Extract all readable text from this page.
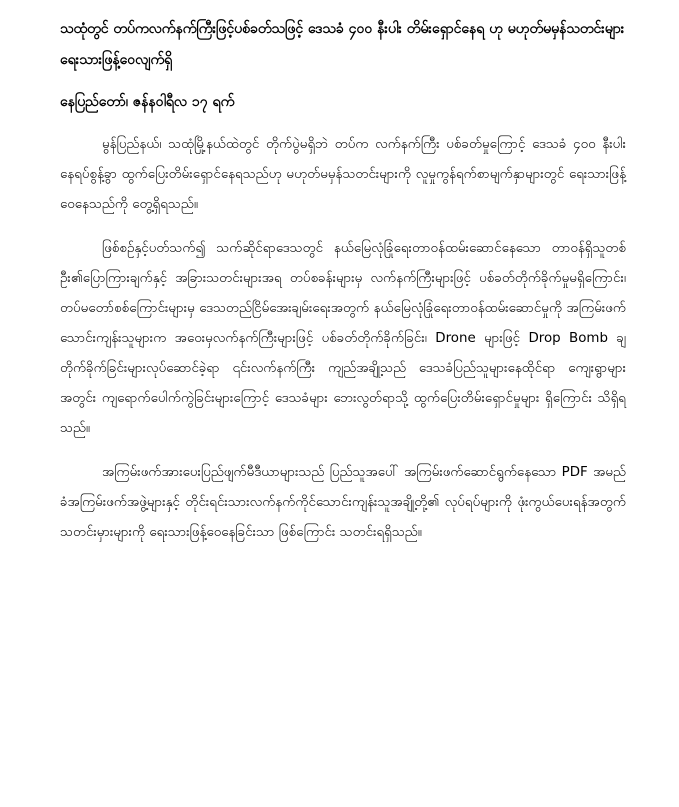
သထုံတွင် တပ်ကလက်နက်ကြီးဖြင့်ပစ်ခတ်သဖြင့် ဒေသခံ ၄၀၀ နီးပါး တိမ်းရှောင်နေရ ဟု မဟုတ်မမှန်သတင်းများ ရေးသားဖြန့်ဝေလျက်ရှိ

နေပြည်တော်၊ ဇန်နဝါရီလ ၁၇ ရက်

မွန်ပြည်နယ်၊ သထုံမြို့နယ်ထဲတွင် တိုက်ပွဲမရှိဘဲ တပ်က လက်နက်ကြီး ပစ်ခတ်မှုကြောင့် ဒေသခံ ၄၀၀ နီးပါး နေရပ်စွန့်ခွာ ထွက်ပြေးတိမ်းရှောင်နေရသည်ဟု မဟုတ်မမှန်သတင်းများကို လူမှုကွန်ရက်စာမျက်နှာများတွင် ရေးသားဖြန့်ဝေနေသည်ကို တွေ့ရှိရသည်။

ဖြစ်စဉ်နှင့်ပတ်သက်၍ သက်ဆိုင်ရာဒေသတွင် နယ်မြေလုံခြုံရေးတာဝန်ထမ်းဆောင်နေသော တာဝန်ရှိသူတစ်ဦး၏ပြောကြားချက်နှင့် အခြားသတင်းများအရ တပ်စခန်းများမှ လက်နက်ကြီးများဖြင့် ပစ်ခတ်တိုက်ခိုက်မှုမရှိကြောင်း၊ တပ်မတော်စစ်ကြောင်းများမှ ဒေသတည်ငြိမ်အေးချမ်းရေးအတွက် နယ်မြေလုံခြုံရေးတာဝန်ထမ်းဆောင်မှုကို အကြမ်းဖက် သောင်းကျန်းသူများက အဝေးမှလက်နက်ကြီးများဖြင့် ပစ်ခတ်တိုက်ခိုက်ခြင်း၊ Drone များဖြင့် Drop Bomb ချ တိုက်ခိုက်ခြင်းများလုပ်ဆောင်ခဲ့ရာ ၎င်းလက်နက်ကြီး ကျည်အချို့သည် ဒေသခံပြည်သူများနေထိုင်ရာ ကျေးရွာများအတွင်း ကျရောက်ပေါက်ကွဲခြင်းများကြောင့် ဒေသခံများ ဘေးလွတ်ရာသို့ ထွက်ပြေးတိမ်းရှောင်မှုများ ရှိကြောင်း သိရှိရသည်။

အကြမ်းဖက်အားပေးပြည်ဖျက်မီဒီယာများသည် ပြည်သူအပေါ် အကြမ်းဖက်ဆောင်ရွက်နေသော PDF အမည်ခံအကြမ်းဖက်အဖွဲ့များနှင့် တိုင်းရင်းသားလက်နက်ကိုင်သောင်းကျန်းသူအချို့တို့၏ လုပ်ရပ်များကို ဖုံးကွယ်ပေးရန်အတွက် သတင်းမှားများကို ရေးသားဖြန့်ဝေနေခြင်းသာ ဖြစ်ကြောင်း သတင်းရရှိသည်။
